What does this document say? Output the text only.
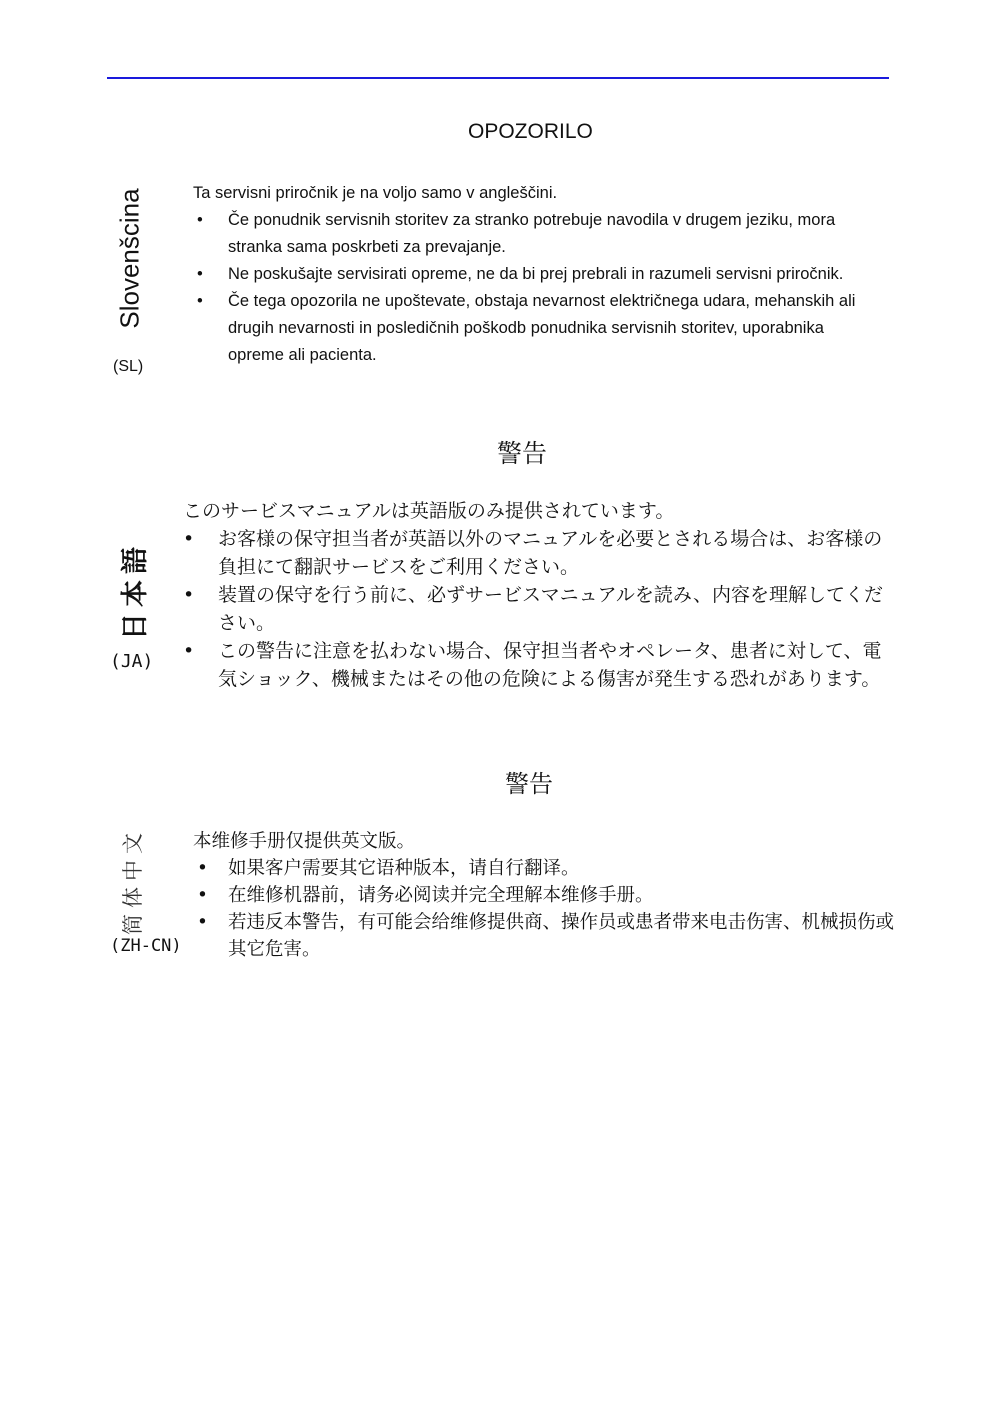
OPOZORILO
Slovenšcina
(SL)

Ta servisni priročnik je na voljo samo v angleščini.

• Če ponudnik servisnih storitev za stranko potrebuje navodila v drugem jeziku, mora stranka sama poskrbeti za prevajanje.
• Ne poskušajte servisirati opreme, ne da bi prej prebrali in razumeli servisni priročnik.
• Če tega opozorila ne upoštevate, obstaja nevarnost električnega udara, mehanskih ali drugih nevarnosti in posledičnih poškodb ponudnika servisnih storitev, uporabnika opreme ali pacienta.
警告
日本語
(JA)

このサービスマニュアルは英語版のみ提供されています。

• お客様の保守担当者が英語以外のマニュアルを必要とされる場合は、お客様の負担にて翻訳サービスをご利用ください。
• 装置の保守を行う前に、必ずサービスマニュアルを読み、内容を理解してください。
• この警告に注意を払わない場合、保守担当者やオペレータ、患者に対して、電気ショック、機械またはその他の危険による傷害が発生する恐れがあります。
警告
简体中文
(ZH-CN)

本维修手册仅提供英文版。

• 如果客户需要其它语种版本，请自行翻译。
• 在维修机器前，请务必阅读并完全理解本维修手册。
• 若违反本警告，有可能会给维修提供商、操作员或患者带来电击伤害、机械损伤或其它危害。
